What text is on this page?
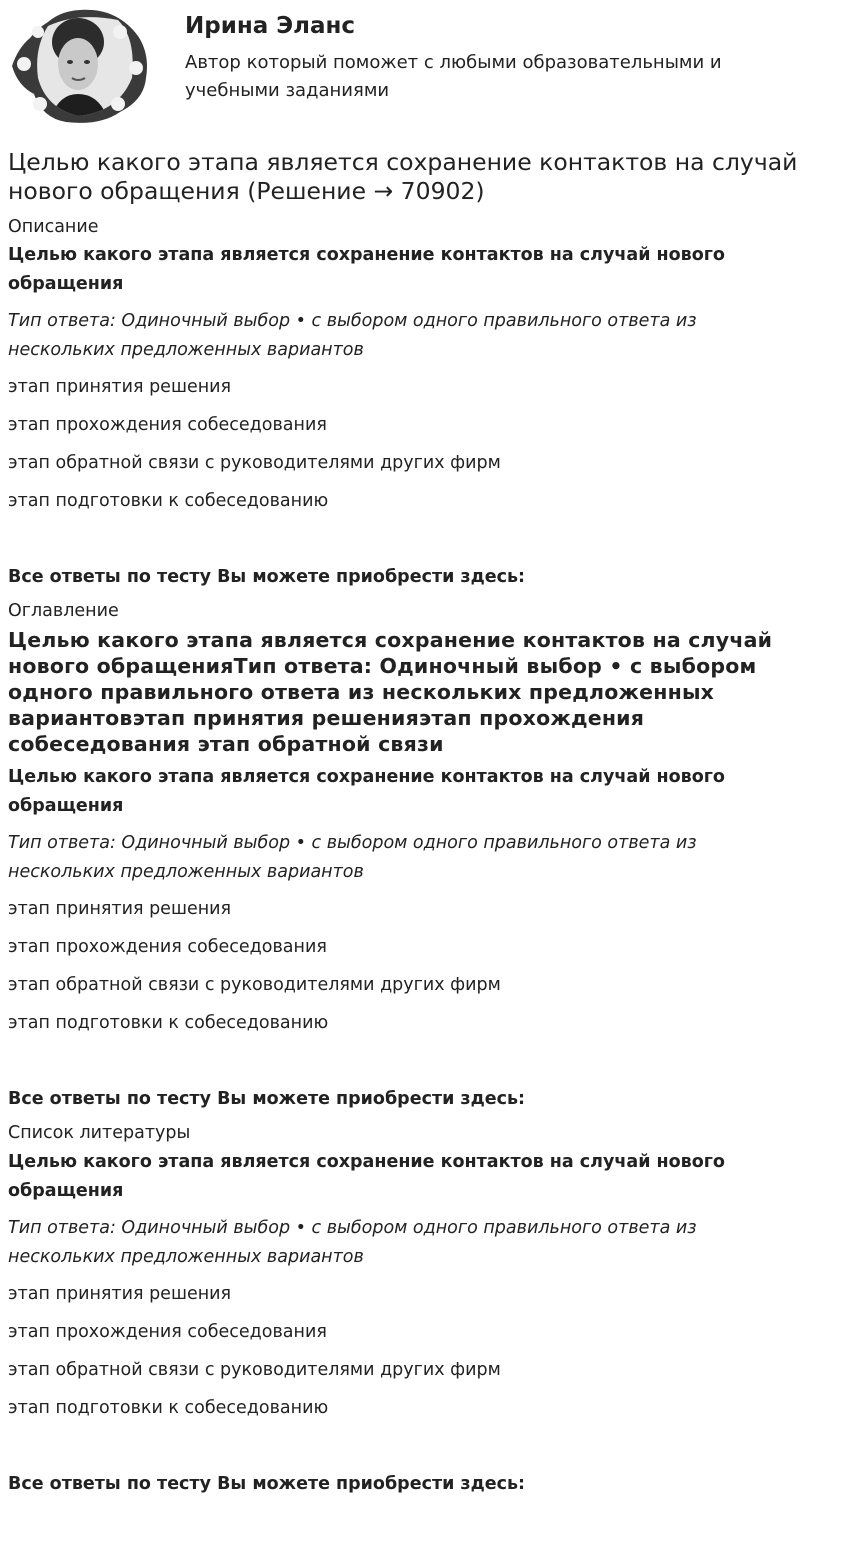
Ирина Эланс
Автор который поможет с любыми образовательными и учебными заданиями
Целью какого этапа является сохранение контактов на случай нового обращения (Решение → 70902)
Описание
Целью какого этапа является сохранение контактов на случай нового обращения
Тип ответа: Одиночный выбор • с выбором одного правильного ответа из нескольких предложенных вариантов
этап принятия решения
этап прохождения собеседования
этап обратной связи с руководителями других фирм
этап подготовки к собеседованию
Все ответы по тесту Вы можете приобрести здесь:
Оглавление
Целью какого этапа является сохранение контактов на случай нового обращенияТип ответа: Одиночный выбор • с выбором одного правильного ответа из нескольких предложенных вариантовэтап принятия решенияэтап прохождения собеседования этап обратной связи
Целью какого этапа является сохранение контактов на случай нового обращения
Тип ответа: Одиночный выбор • с выбором одного правильного ответа из нескольких предложенных вариантов
этап принятия решения
этап прохождения собеседования
этап обратной связи с руководителями других фирм
этап подготовки к собеседованию
Все ответы по тесту Вы можете приобрести здесь:
Список литературы
Целью какого этапа является сохранение контактов на случай нового обращения
Тип ответа: Одиночный выбор • с выбором одного правильного ответа из нескольких предложенных вариантов
этап принятия решения
этап прохождения собеседования
этап обратной связи с руководителями других фирм
этап подготовки к собеседованию
Все ответы по тесту Вы можете приобрести здесь:
